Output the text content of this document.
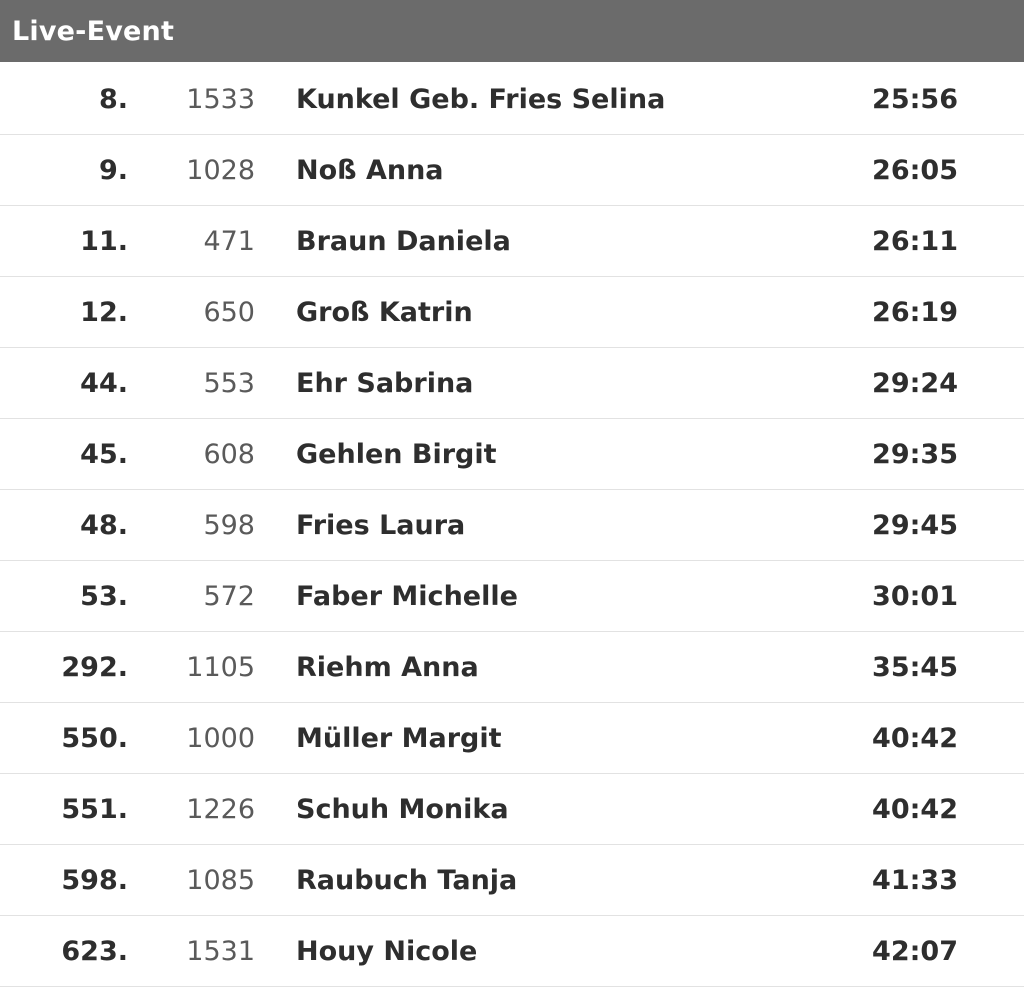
Live-Event
8.	1533	Kunkel Geb. Fries Selina	25:56
9.	1028	Noß Anna	26:05
11.	471	Braun Daniela	26:11
12.	650	Groß Katrin	26:19
44.	553	Ehr Sabrina	29:24
45.	608	Gehlen Birgit	29:35
48.	598	Fries Laura	29:45
53.	572	Faber Michelle	30:01
292.	1105	Riehm Anna	35:45
550.	1000	Müller Margit	40:42
551.	1226	Schuh Monika	40:42
598.	1085	Raubuch Tanja	41:33
623.	1531	Houy Nicole	42:07
